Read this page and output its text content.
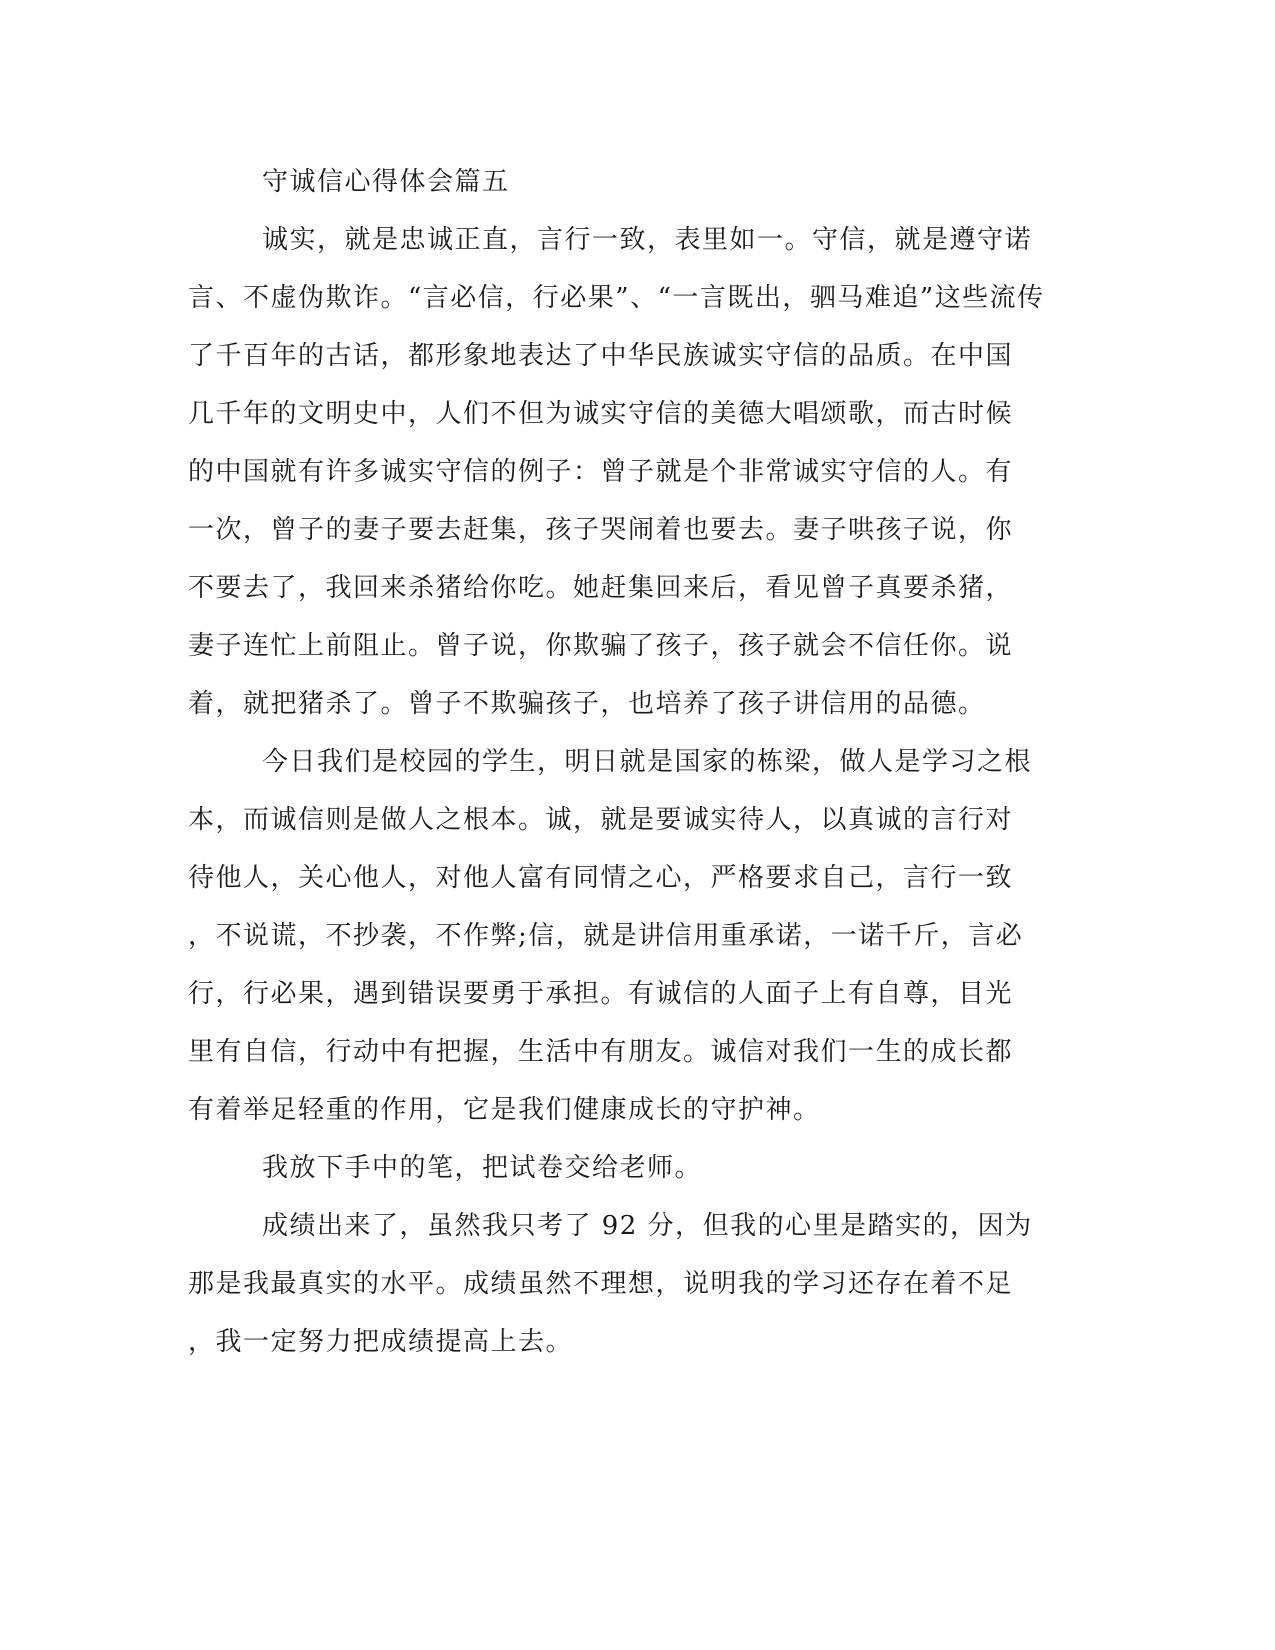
守诚信心得体会篇五
诚实，就是忠诚正直，言行一致，表里如一。守信，就是遵守诺
言、不虚伪欺诈。“言必信，行必果”、“一言既出，驷马难追”这些流传
了千百年的古话，都形象地表达了中华民族诚实守信的品质。在中国
几千年的文明史中，人们不但为诚实守信的美德大唱颂歌，而古时候
的中国就有许多诚实守信的例子：曾子就是个非常诚实守信的人。有
一次，曾子的妻子要去赶集，孩子哭闹着也要去。妻子哄孩子说，你
不要去了，我回来杀猪给你吃。她赶集回来后，看见曾子真要杀猪，
妻子连忙上前阻止。曾子说，你欺骗了孩子，孩子就会不信任你。说
着，就把猪杀了。曾子不欺骗孩子，也培养了孩子讲信用的品德。
今日我们是校园的学生，明日就是国家的栋梁，做人是学习之根
本，而诚信则是做人之根本。诚，就是要诚实待人，以真诚的言行对
待他人，关心他人，对他人富有同情之心，严格要求自己，言行一致
，不说谎，不抄袭，不作弊;信，就是讲信用重承诺，一诺千斤，言必
行，行必果，遇到错误要勇于承担。有诚信的人面子上有自尊，目光
里有自信，行动中有把握，生活中有朋友。诚信对我们一生的成长都
有着举足轻重的作用，它是我们健康成长的守护神。
我放下手中的笔，把试卷交给老师。
成绩出来了，虽然我只考了 92 分，但我的心里是踏实的，因为
那是我最真实的水平。成绩虽然不理想，说明我的学习还存在着不足
，我一定努力把成绩提高上去。
